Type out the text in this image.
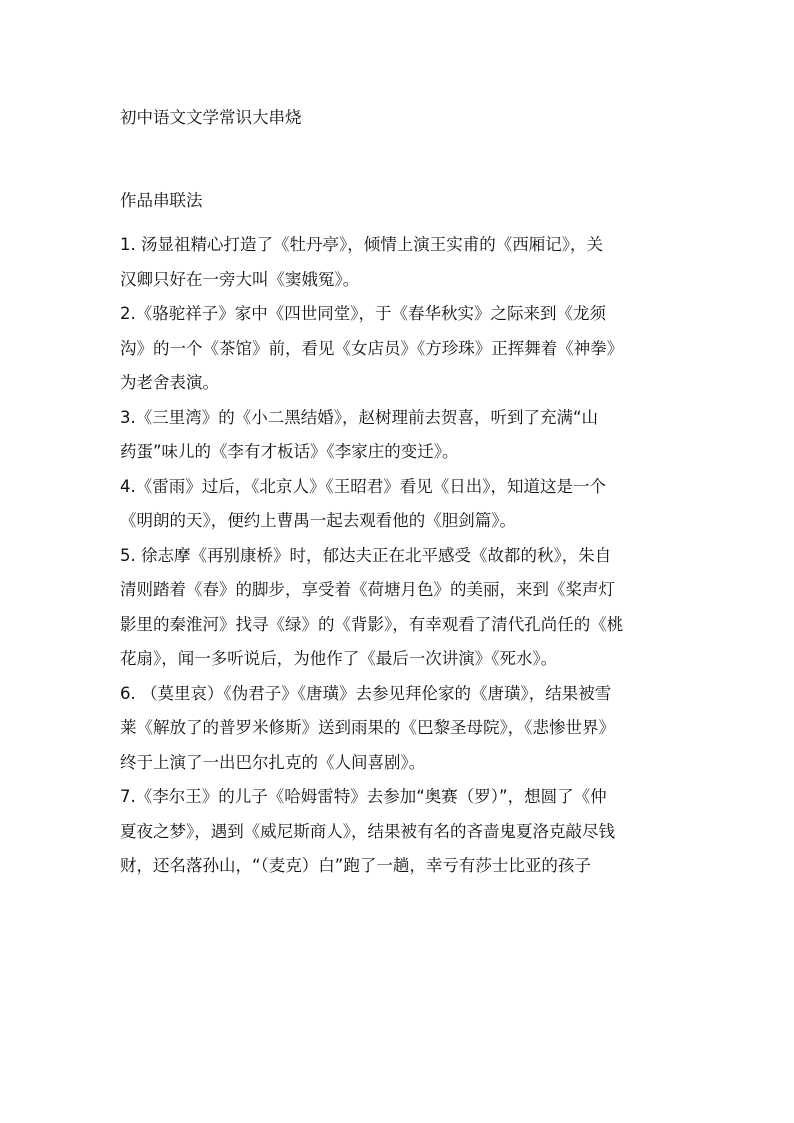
初中语文文学常识大串烧
作品串联法

1. 汤显祖精心打造了《牡丹亭》，倾情上演王实甫的《西厢记》，关
汉卿只好在一旁大叫《窦娥冤》。

2.《骆驼祥子》家中《四世同堂》，于《春华秋实》之际来到《龙须
沟》的一个《茶馆》前，看见《女店员》《方珍珠》正挥舞着《神拳》
为老舍表演。

3.《三里湾》的《小二黑结婚》，赵树理前去贺喜，听到了充满“山
药蛋”味儿的《李有才板话》《李家庄的变迁》。

4.《雷雨》过后，《北京人》《王昭君》看见《日出》，知道这是一个
《明朗的天》，便约上曹禺一起去观看他的《胆剑篇》。

5. 徐志摩《再别康桥》时，郁达夫正在北平感受《故都的秋》，朱自
清则踏着《春》的脚步，享受着《荷塘月色》的美丽，来到《桨声灯
影里的秦淮河》找寻《绿》的《背影》，有幸观看了清代孔尚任的《桃
花扇》，闻一多听说后，为他作了《最后一次讲演》《死水》。

6. （莫里哀）《伪君子》《唐璜》去参见拜伦家的《唐璜》，结果被雪
莱《解放了的普罗米修斯》送到雨果的《巴黎圣母院》，《悲惨世界》
终于上演了一出巴尔扎克的《人间喜剧》。

7.《李尔王》的儿子《哈姆雷特》去参加“奥赛（罗）”，想圆了《仲
夏夜之梦》，遇到《威尼斯商人》，结果被有名的吝啬鬼夏洛克敲尽钱
财，还名落孙山，“（麦克）白”跑了一趟，幸亏有莎士比亚的孩子
